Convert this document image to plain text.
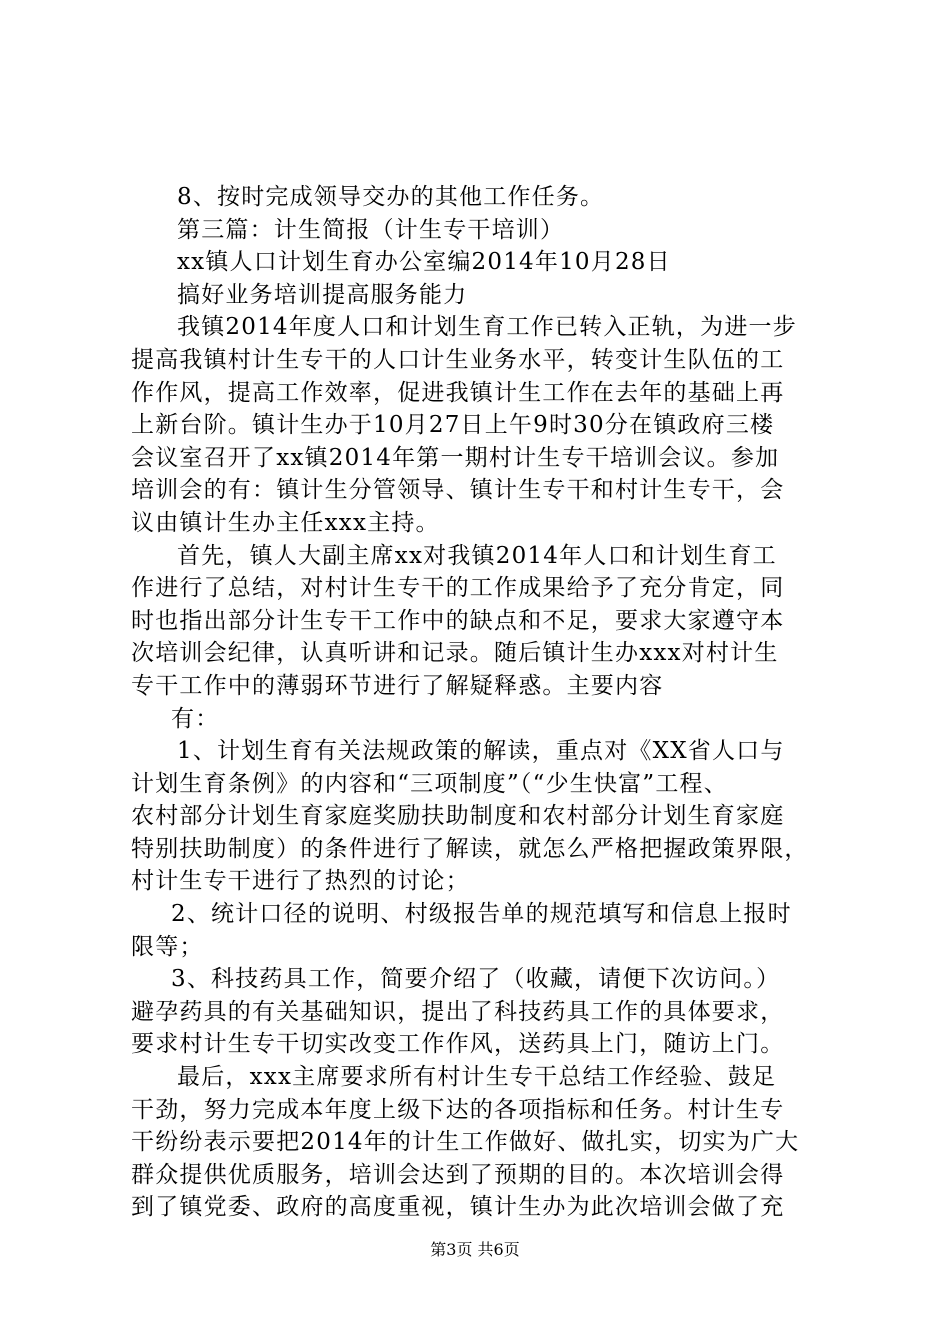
8、按时完成领导交办的其他工作任务。
第三篇：计生简报（计生专干培训）
xx镇人口计划生育办公室编2014年10月28日
搞好业务培训提高服务能力
我镇2014年度人口和计划生育工作已转入正轨，为进一步
提高我镇村计生专干的人口计生业务水平，转变计生队伍的工
作作风，提高工作效率，促进我镇计生工作在去年的基础上再
上新台阶。镇计生办于10月27日上午9时30分在镇政府三楼
会议室召开了xx镇2014年第一期村计生专干培训会议。参加
培训会的有：镇计生分管领导、镇计生专干和村计生专干，会
议由镇计生办主任xxx主持。
首先，镇人大副主席xx对我镇2014年人口和计划生育工
作进行了总结，对村计生专干的工作成果给予了充分肯定，同
时也指出部分计生专干工作中的缺点和不足，要求大家遵守本
次培训会纪律，认真听讲和记录。随后镇计生办xxx对村计生
专干工作中的薄弱环节进行了解疑释惑。主要内容
有：
1、计划生育有关法规政策的解读，重点对《XX省人口与
计划生育条例》的内容和“三项制度”（“少生快富”工程、
农村部分计划生育家庭奖励扶助制度和农村部分计划生育家庭
特别扶助制度）的条件进行了解读，就怎么严格把握政策界限，
村计生专干进行了热烈的讨论；
2、统计口径的说明、村级报告单的规范填写和信息上报时
限等；
3、科技药具工作，简要介绍了（收藏，请便下次访问。）
避孕药具的有关基础知识，提出了科技药具工作的具体要求，
要求村计生专干切实改变工作作风，送药具上门，随访上门。
最后，xxx主席要求所有村计生专干总结工作经验、鼓足
干劲，努力完成本年度上级下达的各项指标和任务。村计生专
干纷纷表示要把2014年的计生工作做好、做扎实，切实为广大
群众提供优质服务，培训会达到了预期的目的。本次培训会得
到了镇党委、政府的高度重视，镇计生办为此次培训会做了充
第3页 共6页
